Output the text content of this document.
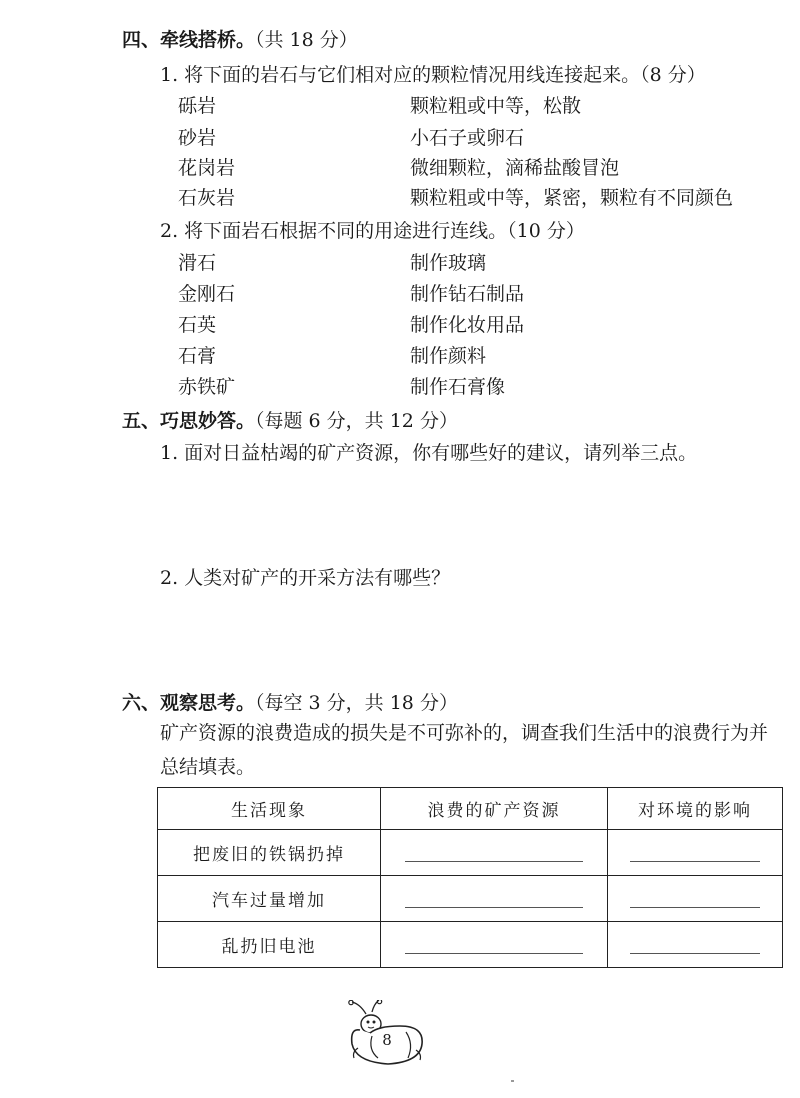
四、牵线搭桥。（共 18 分）
1. 将下面的岩石与它们相对应的颗粒情况用线连接起来。（8 分）
砾岩	颗粒粗或中等，松散
砂岩	小石子或卵石
花岗岩	微细颗粒，滴稀盐酸冒泡
石灰岩	颗粒粗或中等，紧密，颗粒有不同颜色
2. 将下面岩石根据不同的用途进行连线。（10 分）
滑石	制作玻璃
金刚石	制作钻石制品
石英	制作化妆用品
石膏	制作颜料
赤铁矿	制作石膏像
五、巧思妙答。（每题 6 分，共 12 分）
1. 面对日益枯竭的矿产资源，你有哪些好的建议，请列举三点。
2. 人类对矿产的开采方法有哪些？
六、观察思考。（每空 3 分，共 18 分）
矿产资源的浪费造成的损失是不可弥补的，调查我们生活中的浪费行为并总结填表。
生活现象	浪费的矿产资源	对环境的影响
把废旧的铁锅扔掉	

汽车过量增加	

乱扔旧电池	

8
